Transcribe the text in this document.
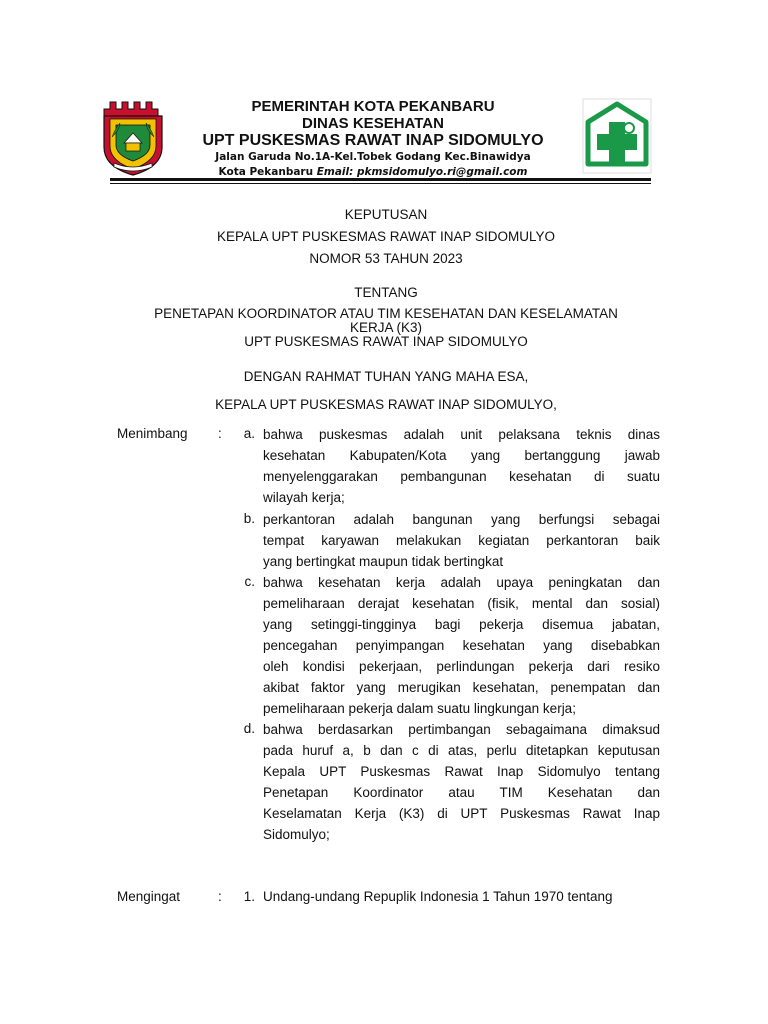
PEMERINTAH KOTA PEKANBARU
DINAS KESEHATAN
UPT PUSKESMAS RAWAT INAP SIDOMULYO
Jalan Garuda No.1A-Kel.Tobek Godang Kec.Binawidya
Kota Pekanbaru Email: pkmsidomulyo.ri@gmail.com
KEPUTUSAN
KEPALA UPT PUSKESMAS RAWAT INAP SIDOMULYO
NOMOR 53 TAHUN 2023
TENTANG
PENETAPAN KOORDINATOR ATAU TIM KESEHATAN DAN KESELAMATAN
KERJA (K3)
UPT PUSKESMAS RAWAT INAP SIDOMULYO
DENGAN RAHMAT TUHAN YANG MAHA ESA,
KEPALA UPT PUSKESMAS RAWAT INAP SIDOMULYO,
Menimbang :	a. bahwa puskesmas adalah unit pelaksana teknis dinas
kesehatan Kabupaten/Kota yang bertanggung jawab
menyelenggarakan pembangunan kesehatan di suatu
wilayah kerja;
b. perkantoran adalah bangunan yang berfungsi sebagai
tempat karyawan melakukan kegiatan perkantoran baik
yang bertingkat maupun tidak bertingkat
c. bahwa kesehatan kerja adalah upaya peningkatan dan
pemeliharaan derajat kesehatan (fisik, mental dan sosial)
yang setinggi-tingginya bagi pekerja disemua jabatan,
pencegahan penyimpangan kesehatan yang disebabkan
oleh kondisi pekerjaan, perlindungan pekerja dari resiko
akibat faktor yang merugikan kesehatan, penempatan dan
pemeliharaan pekerja dalam suatu lingkungan kerja;
d. bahwa berdasarkan pertimbangan sebagaimana dimaksud
pada huruf a, b dan c di atas, perlu ditetapkan keputusan
Kepala UPT Puskesmas Rawat Inap Sidomulyo tentang
Penetapan Koordinator atau TIM Kesehatan dan
Keselamatan Kerja (K3) di UPT Puskesmas Rawat Inap
Sidomulyo;
Mengingat	:	1. Undang-undang Repuplik Indonesia 1 Tahun 1970 tentang
